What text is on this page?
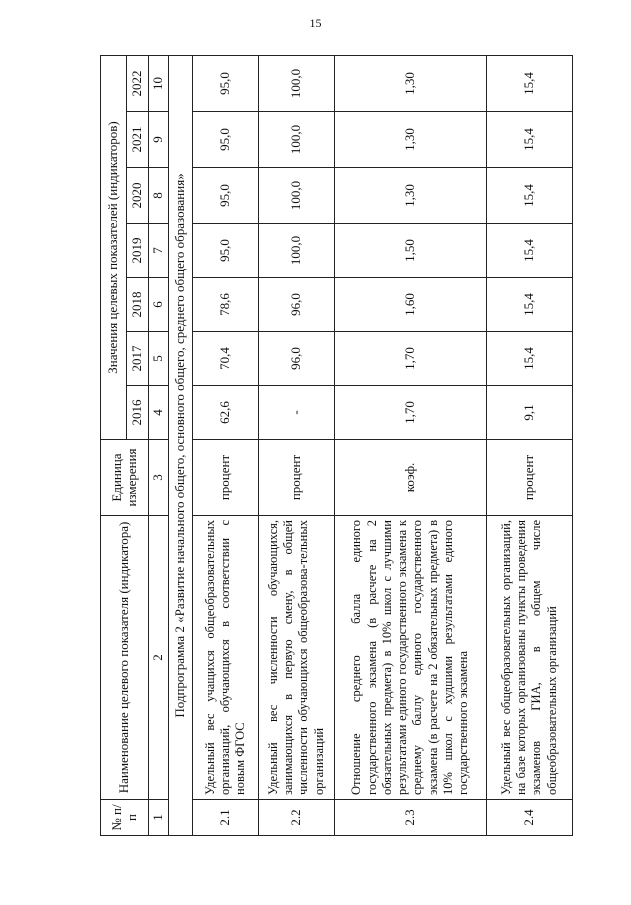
15
№ п/п	Наименование целевого показателя (индикатора)	Единица измерения	Значения целевых показателей (индикаторов)						
			2016	2017	2018	2019	2020	2021	2022
1	2	3	4	5	6	7	8	9	10
Подпрограмма 2 «Развитие начального общего, основного общего, среднего общего образования»									
2.1	Удельный вес учащихся общеобразовательных организаций, обучающихся в соответствии с новым ФГОС	процент	62,6	70,4	78,6	95,0	95,0	95,0	95,0
2.2	Удельный вес численности обучающихся, занимающихся в первую смену, в общей численности обучающихся общеобразова-тельных организаций	процент	-	96,0	96,0	100,0	100,0	100,0	100,0
2.3	Отношение среднего балла единого государственного экзамена (в расчете на 2 обязательных предмета) в 10% школ с лучшими результатами единого государственного экзамена к среднему баллу единого государственного экзамена (в расчете на 2 обязательных предмета) в 10% школ с худшими результатами единого государственного экзамена	коэф.	1,70	1,70	1,60	1,50	1,30	1,30	1,30
2.4	Удельный вес общеобразовательных организаций, на базе которых организованы пункты проведения экзаменов ГИА, в общем числе общеобразовательных организаций	процент	9,1	15,4	15,4	15,4	15,4	15,4	15,4
